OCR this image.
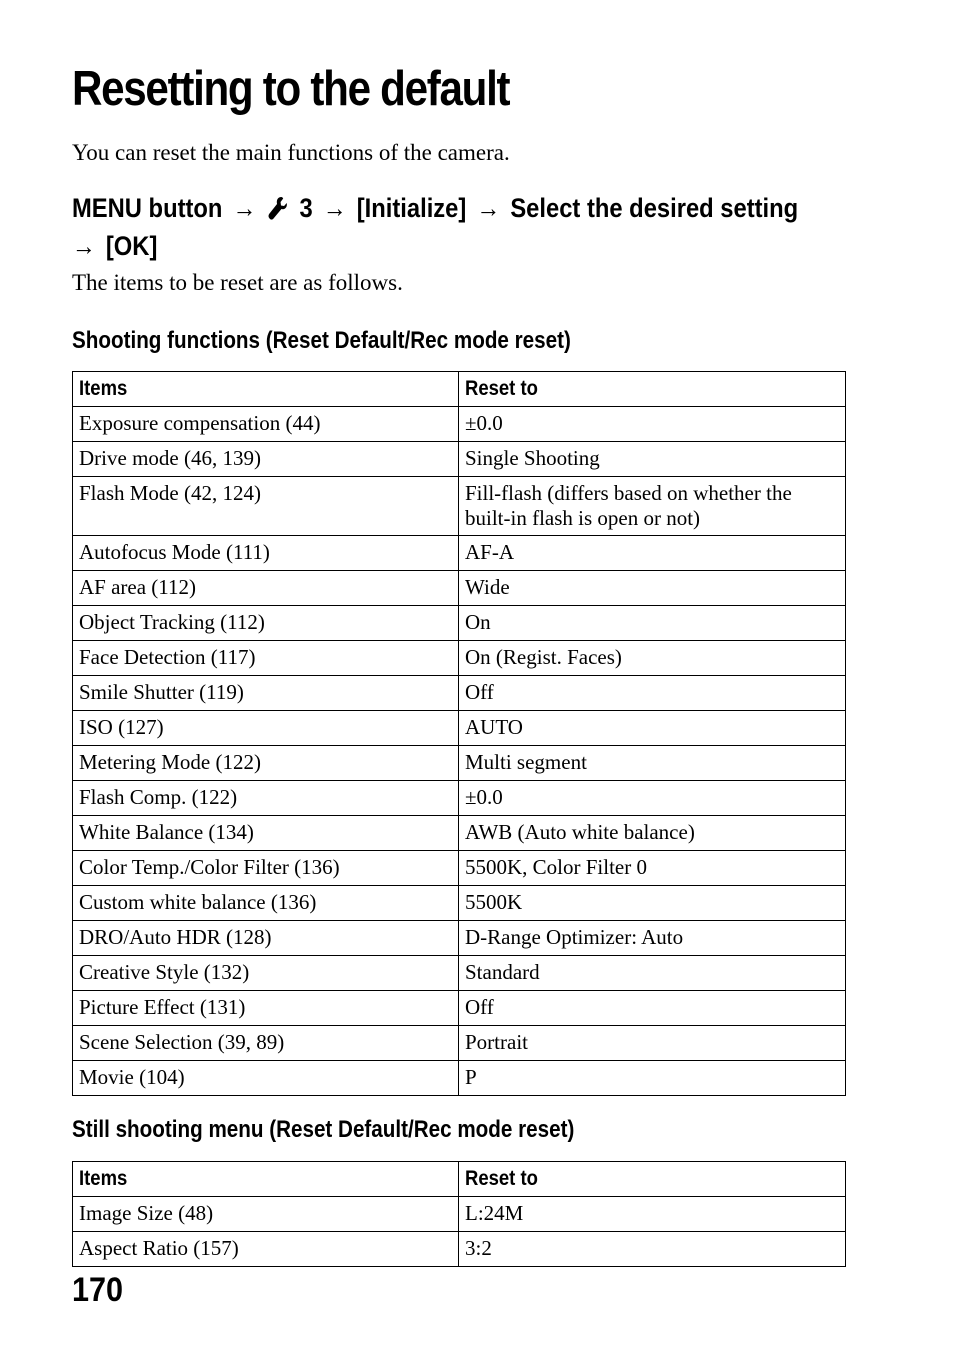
Resetting to the default

You can reset the main functions of the camera.

MENU button → 3 → [Initialize] → Select the desired setting
→ [OK]

The items to be reset are as follows.

Shooting functions (Reset Default/Rec mode reset)
Items	Reset to
Exposure compensation (44)	±0.0
Drive mode (46, 139)	Single Shooting
Flash Mode (42, 124)	Fill-flash (differs based on whether the built-in flash is open or not)
Autofocus Mode (111)	AF-A
AF area (112)	Wide
Object Tracking (112)	On
Face Detection (117)	On (Regist. Faces)
Smile Shutter (119)	Off
ISO (127)	AUTO
Metering Mode (122)	Multi segment
Flash Comp. (122)	±0.0
White Balance (134)	AWB (Auto white balance)
Color Temp./Color Filter (136)	5500K, Color Filter 0
Custom white balance (136)	5500K
DRO/Auto HDR (128)	D-Range Optimizer: Auto
Creative Style (132)	Standard
Picture Effect (131)	Off
Scene Selection (39, 89)	Portrait
Movie (104)	P
Still shooting menu (Reset Default/Rec mode reset)
Items	Reset to
Image Size (48)	L:24M
Aspect Ratio (157)	3:2
170
